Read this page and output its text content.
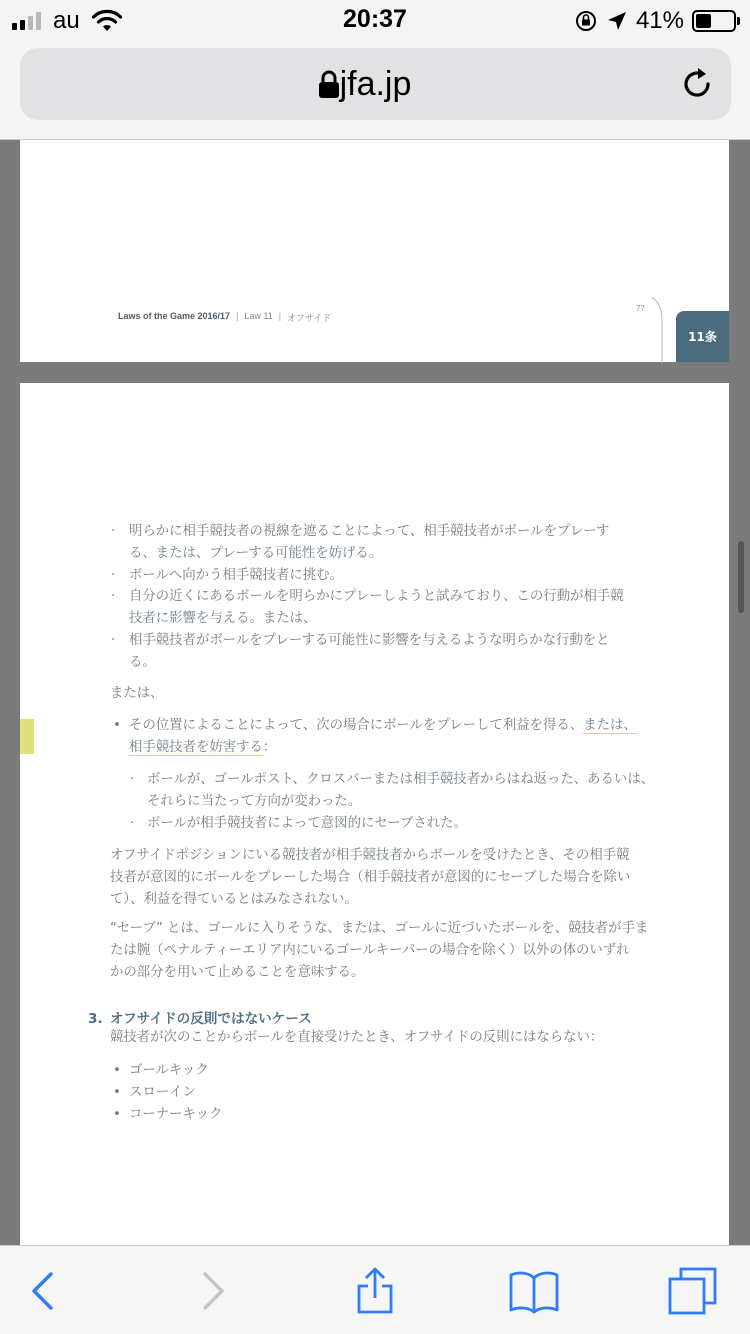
au	20:37	41%
jfa.jp
Laws of the Game 2016/17 | Law 11 | オフサイド
77
11条
· 明らかに相手競技者の視線を遮ることによって、相手競技者がボールをプレーす
る、または、プレーする可能性を妨げる。
· ボールへ向かう相手競技者に挑む。
· 自分の近くにあるボールを明らかにプレーしようと試みており、この行動が相手競
技者に影響を与える。または、
· 相手競技者がボールをプレーする可能性に影響を与えるような明らかな行動をと
る。
または、
• その位置によることによって、次の場合にボールをプレーして利益を得る、または、
相手競技者を妨害する：
· ボールが、ゴールポスト、クロスバーまたは相手競技者からはね返った、あるいは、
それらに当たって方向が変わった。
· ボールが相手競技者によって意図的にセーブされた。
オフサイドポジションにいる競技者が相手競技者からボールを受けたとき、その相手競
技者が意図的にボールをプレーした場合（相手競技者が意図的にセーブした場合を除い
て）、利益を得ているとはみなされない。
“セーブ” とは、ゴールに入りそうな、または、ゴールに近づいたボールを、競技者が手ま
たは腕（ペナルティーエリア内にいるゴールキーパーの場合を除く）以外の体のいずれ
かの部分を用いて止めることを意味する。
3. オフサイドの反則ではないケース
競技者が次のことからボールを直接受けたとき、オフサイドの反則にはならない：
• ゴールキック
• スローイン
• コーナーキック
